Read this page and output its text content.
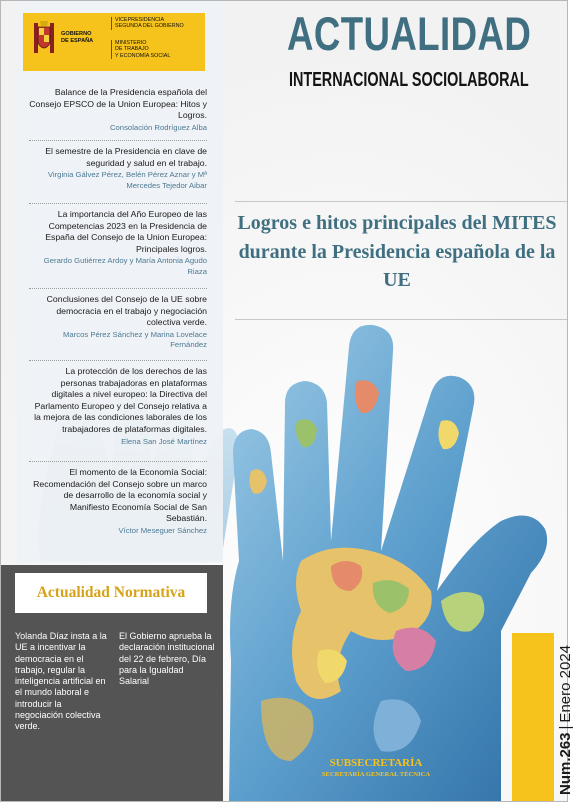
GOBIERNO
DE ESPAÑA
VICEPRESIDENCIA
SEGUNDA DEL GOBIERNO
MINISTERIO
DE TRABAJO
Y ECONOMÍA SOCIAL
Balance de la Presidencia española del Consejo EPSCO de la Union Europea: Hitos y Logros.
Consolación Rodríguez Alba
El semestre de la Presidencia en clave de seguridad y salud en el trabajo.
Virginia Gálvez Pérez, Belén Pérez Aznar y Mª Mercedes Tejedor Aibar
La importancia del Año Europeo de las Competencias 2023 en la Presidencia de España del Consejo de la Union Europea: Principales logros.
Gerardo Gutiérrez Ardoy y María Antonia Agudo Riaza
Conclusiones del Consejo de la UE sobre democracia en el trabajo y negociación colectiva verde.
Marcos Pérez Sánchez y Marina Lovelace Fernández
La protección de los derechos de las personas trabajadoras en plataformas digitales a nivel europeo: la Directiva del Parlamento Europeo y del Consejo relativa a la mejora de las condiciones laborales de los trabajadores de plataformas digitales.
Elena San José Martínez
El momento de la Economía Social: Recomendación del Consejo sobre un marco de desarrollo de la economía social y Manifiesto Economía Social de San Sebastián.
Víctor Meseguer Sánchez
Actualidad Normativa
Yolanda Díaz insta a la UE a incentivar la democracia en el trabajo, regular la inteligencia artificial en el mundo laboral e introducir la negociación colectiva verde.
El Gobierno aprueba la declaración institucional del 22 de febrero, Día para la Igualdad Salarial
ACTUALIDAD
INTERNACIONAL SOCIOLABORAL
Logros e hitos principales del MITES durante la Presidencia española de la UE
Num.263
|
Enero 2024
SUBSECRETARÍA
SECRETARÍA GENERAL TÉCNICA
